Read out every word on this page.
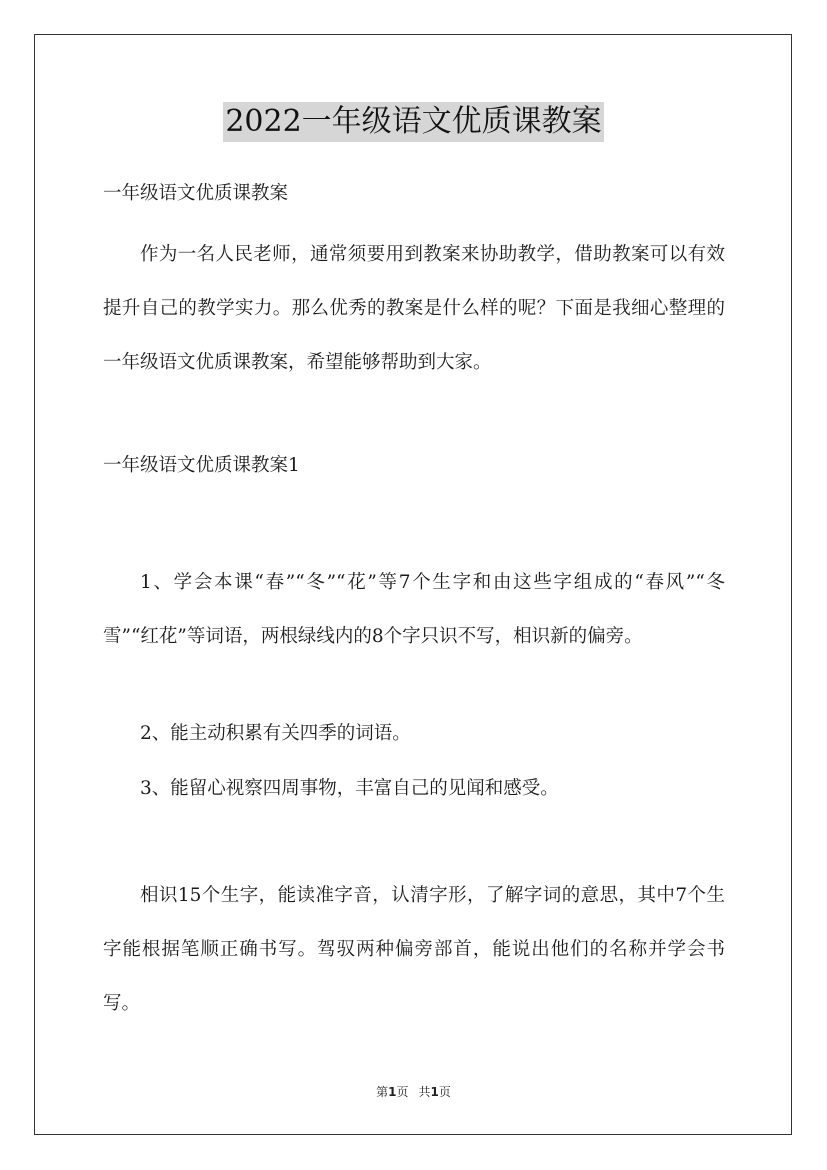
2022一年级语文优质课教案
一年级语文优质课教案

作为一名人民老师，通常须要用到教案来协助教学，借助教案可以有效提升自己的教学实力。那么优秀的教案是什么样的呢？下面是我细心整理的一年级语文优质课教案，希望能够帮助到大家。

一年级语文优质课教案1

1、学会本课“春”“冬”“花”等7个生字和由这些字组成的“春风”“冬雪”“红花”等词语，两根绿线内的8个字只识不写，相识新的偏旁。

2、能主动积累有关四季的词语。

3、能留心视察四周事物，丰富自己的见闻和感受。

相识15个生字，能读准字音，认清字形，了解字词的意思，其中7个生字能根据笔顺正确书写。驾驭两种偏旁部首，能说出他们的名称并学会书写。

第1页 共1页
